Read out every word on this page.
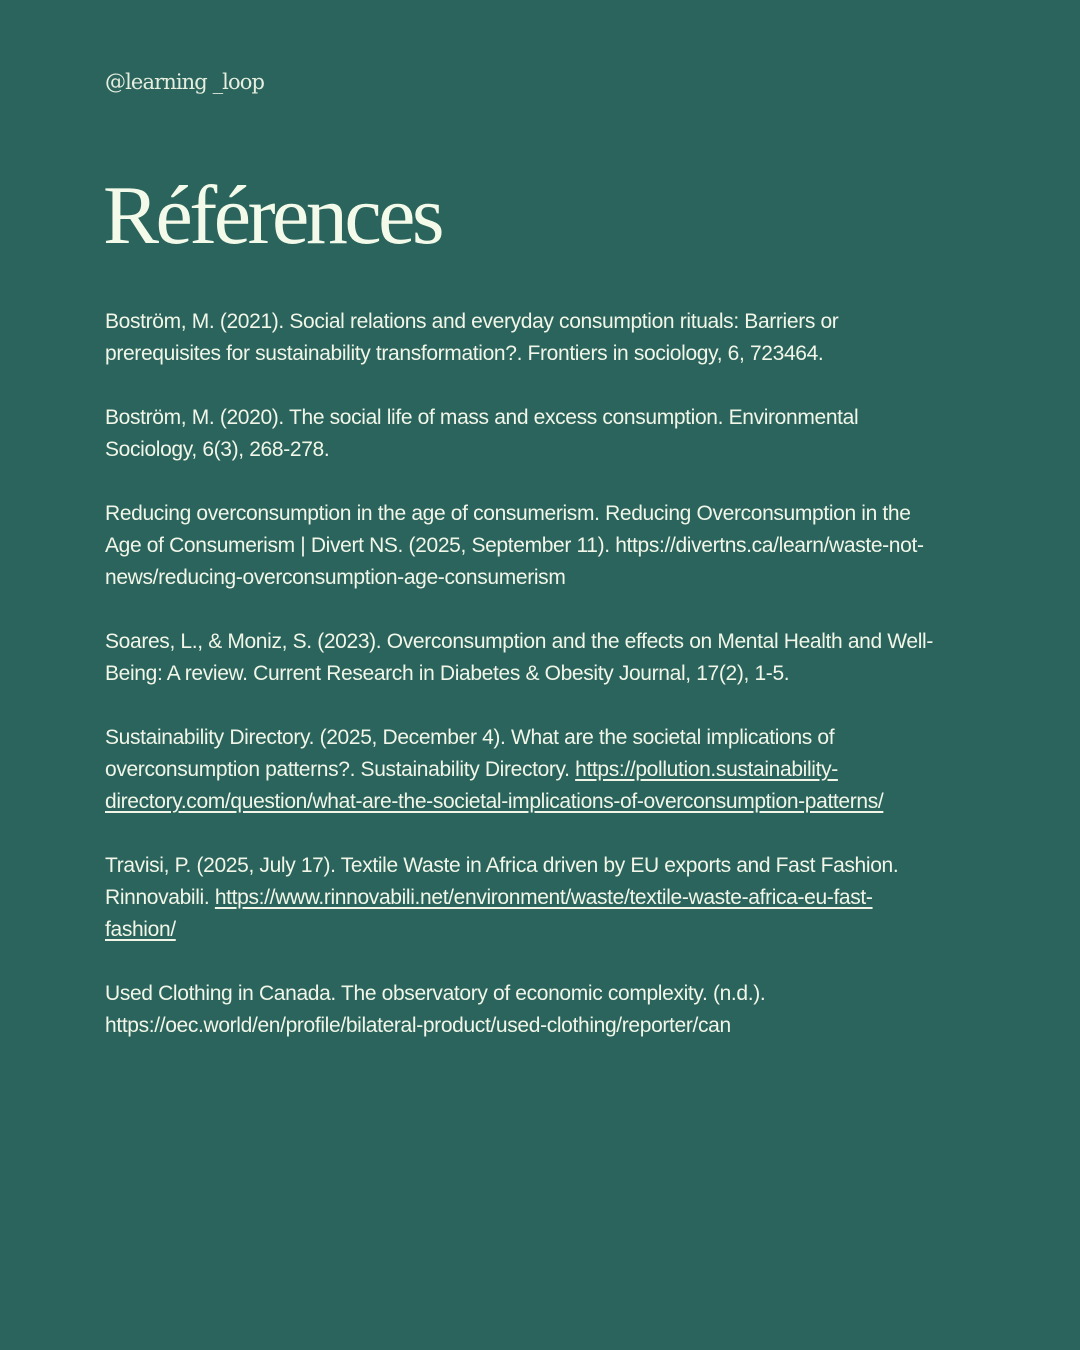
@learning _loop
Références
Boström, M. (2021). Social relations and everyday consumption rituals: Barriers or
prerequisites for sustainability transformation?. Frontiers in sociology, 6, 723464.
Boström, M. (2020). The social life of mass and excess consumption. Environmental
Sociology, 6(3), 268-278.
Reducing overconsumption in the age of consumerism. Reducing Overconsumption in the
Age of Consumerism | Divert NS. (2025, September 11). https://divertns.ca/learn/waste-not-
news/reducing-overconsumption-age-consumerism
Soares, L., & Moniz, S. (2023). Overconsumption and the effects on Mental Health and Well-
Being: A review. Current Research in Diabetes & Obesity Journal, 17(2), 1-5.
Sustainability Directory. (2025, December 4). What are the societal implications of
overconsumption patterns?. Sustainability Directory. https://pollution.sustainability-
directory.com/question/what-are-the-societal-implications-of-overconsumption-patterns/
Travisi, P. (2025, July 17). Textile Waste in Africa driven by EU exports and Fast Fashion.
Rinnovabili. https://www.rinnovabili.net/environment/waste/textile-waste-africa-eu-fast-
fashion/
Used Clothing in Canada. The observatory of economic complexity. (n.d.).
https://oec.world/en/profile/bilateral-product/used-clothing/reporter/can
